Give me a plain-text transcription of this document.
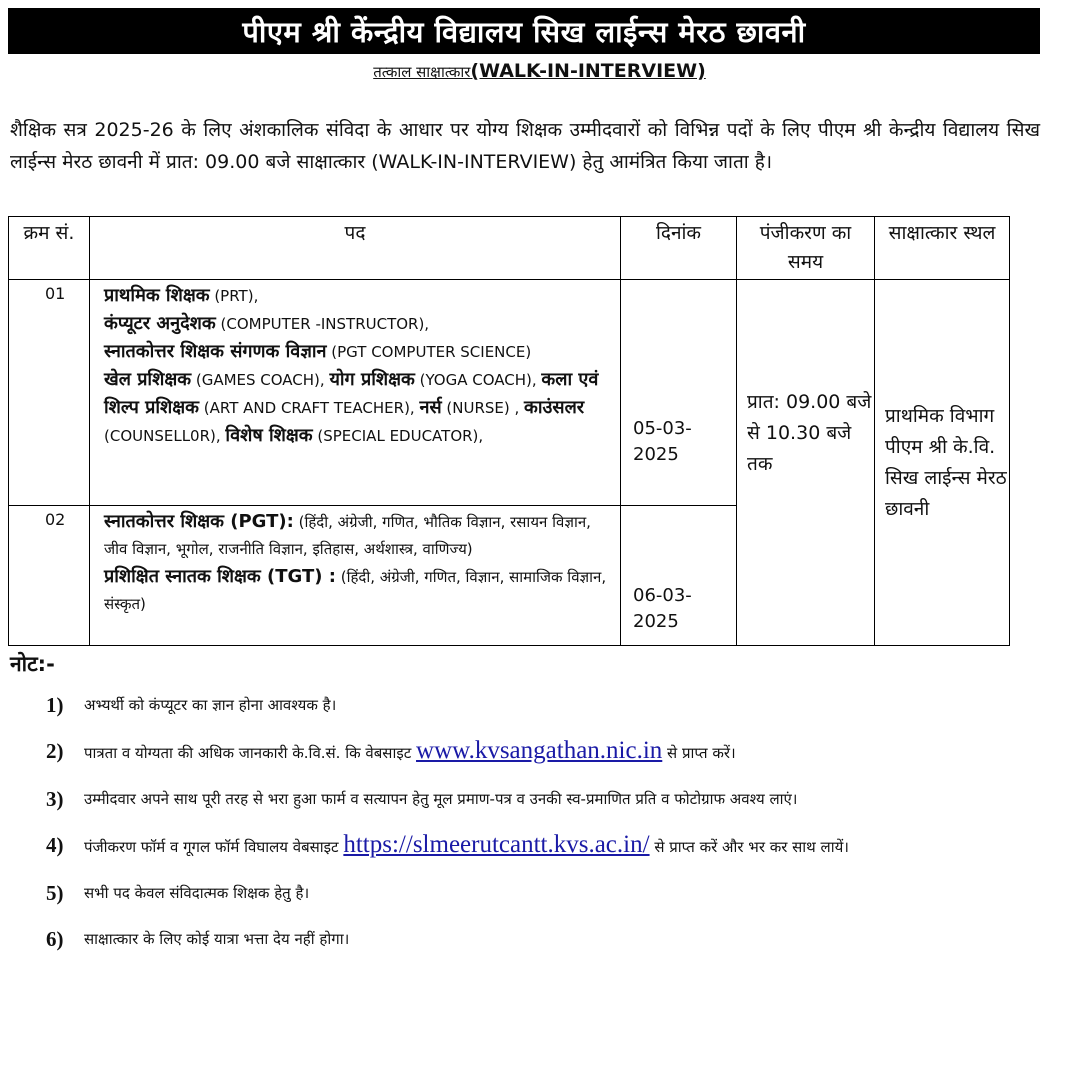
पीएम श्री केंन्द्रीय विद्यालय सिख लाईन्स मेरठ छावनी
तत्काल साक्षात्कार(WALK-IN-INTERVIEW)

शैक्षिक सत्र 2025-26 के लिए अंशकालिक संविदा के आधार पर योग्य शिक्षक उम्मीदवारों को विभिन्न पदों के लिए पीएम श्री केन्द्रीय विद्यालय सिख लाईन्स मेरठ छावनी में प्रात: 09.00 बजे साक्षात्कार (WALK-IN-INTERVIEW) हेतु आमंत्रित किया जाता है।

क्रम सं.	पद	दिनांक	पंजीकरण का समय	साक्षात्कार स्थल
01	प्राथमिक शिक्षक (PRT),
कंप्यूटर अनुदेशक (COMPUTER -INSTRUCTOR),
स्नातकोत्तर शिक्षक संगणक विज्ञान (PGT COMPUTER SCIENCE)
खेल प्रशिक्षक (GAMES COACH), योग प्रशिक्षक (YOGA COACH), कला एवं शिल्प प्रशिक्षक (ART AND CRAFT TEACHER), नर्स (NURSE) , काउंसलर (COUNSELL0R), विशेष शिक्षक (SPECIAL EDUCATOR),	05-03-2025	प्रात: 09.00 बजे से 10.30 बजे तक	प्राथमिक विभाग पीएम श्री के.वि. सिख लाईन्स मेरठ छावनी
02	स्नातकोत्तर शिक्षक (PGT): (हिंदी, अंग्रेजी, गणित, भौतिक विज्ञान, रसायन विज्ञान, जीव विज्ञान, भूगोल, राजनीति विज्ञान, इतिहास, अर्थशास्त्र, वाणिज्य)
प्रशिक्षित स्नातक शिक्षक (TGT) : (हिंदी, अंग्रेजी, गणित, विज्ञान, सामाजिक विज्ञान, संस्कृत)	06-03-2025		
नोट:-
1) अभ्यर्थी को कंप्यूटर का ज्ञान होना आवश्यक है।
2) पात्रता व योग्यता की अधिक जानकारी के.वि.सं. कि वेबसाइट www.kvsangathan.nic.in से प्राप्त करें।
3) उम्मीदवार अपने साथ पूरी तरह से भरा हुआ फार्म व सत्यापन हेतु मूल प्रमाण-पत्र व उनकी स्व-प्रमाणित प्रति व फोटोग्राफ अवश्य लाएं।
4) पंजीकरण फॉर्म व गूगल फॉर्म विघालय वेबसाइट https://slmeerutcantt.kvs.ac.in/ से प्राप्त करें और भर कर साथ लायें।
5) सभी पद केवल संविदात्मक शिक्षक हेतु है।
6) साक्षात्कार के लिए कोई यात्रा भत्ता देय नहीं होगा।
